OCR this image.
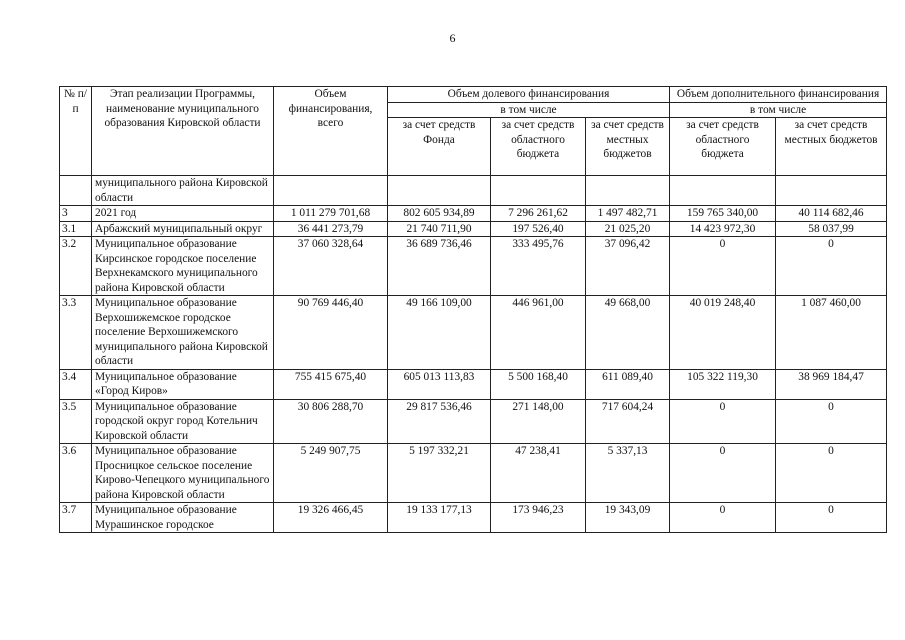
6
№ п/п	Этап реализации Программы, наименование муниципального образования Кировской области	Объем финансирования, всего	Объем долевого финансирования			Объем дополнительного финансирования	
			в том числе			в том числе	
			за счет средств Фонда	за счет средств областного бюджета	за счет средств местных бюджетов	за счет средств областного бюджета	за счет средств местных бюджетов
	муниципального района Кировской области						
3	2021 год	1 011 279 701,68	802 605 934,89	7 296 261,62	1 497 482,71	159 765 340,00	40 114 682,46
3.1	Арбажский муниципальный округ	36 441 273,79	21 740 711,90	197 526,40	21 025,20	14 423 972,30	58 037,99
3.2	Муниципальное образование Кирсинское городское поселение Верхнекамского муниципального района Кировской области	37 060 328,64	36 689 736,46	333 495,76	37 096,42	0	0
3.3	Муниципальное образование Верхошижемское городское поселение Верхошижемского муниципального района Кировской области	90 769 446,40	49 166 109,00	446 961,00	49 668,00	40 019 248,40	1 087 460,00
3.4	Муниципальное образование «Город Киров»	755 415 675,40	605 013 113,83	5 500 168,40	611 089,40	105 322 119,30	38 969 184,47
3.5	Муниципальное образование городской округ город Котельнич Кировской области	30 806 288,70	29 817 536,46	271 148,00	717 604,24	0	0
3.6	Муниципальное образование Просницкое сельское поселение Кирово-Чепецкого муниципального района Кировской области	5 249 907,75	5 197 332,21	47 238,41	5 337,13	0	0
3.7	Муниципальное образование Мурашинское городское	19 326 466,45	19 133 177,13	173 946,23	19 343,09	0	0
